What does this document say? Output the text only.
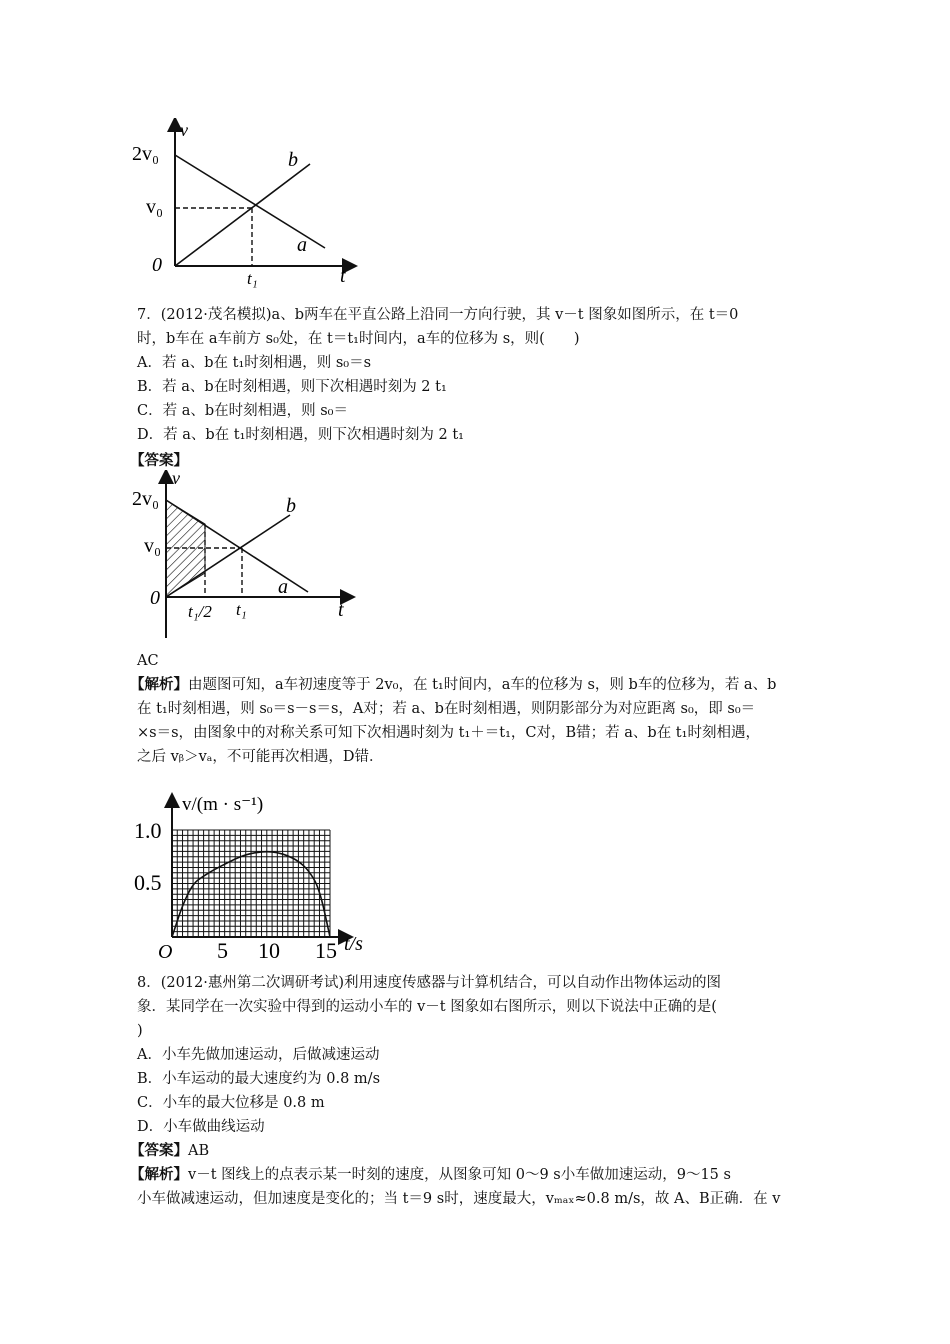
v
t
2v₀
v₀
0
t₁
b
a
7．(2012·茂名模拟)a、b两车在平直公路上沿同一方向行驶，其 v－t 图象如图所示，在 t＝0
时，b车在 a车前方 s₀处，在 t＝t₁时间内，a车的位移为 s，则(　　)
A．若 a、b在 t₁时刻相遇，则 s₀＝s
B．若 a、b在时刻相遇，则下次相遇时刻为 2 t₁
C．若 a、b在时刻相遇，则 s₀＝
D．若 a、b在 t₁时刻相遇，则下次相遇时刻为 2 t₁
【答案】
v
t
2v₀
v₀
0
t₁/2 t₁
b
a
AC
【解析】由题图可知，a车初速度等于 2v₀，在 t₁时间内，a车的位移为 s，则 b车的位移为，若 a、b
在 t₁时刻相遇，则 s₀＝s－s＝s，A对；若 a、b在时刻相遇，则阴影部分为对应距离 s₀，即 s₀＝
×s＝s，由图象中的对称关系可知下次相遇时刻为 t₁＋＝t₁，C对，B错；若 a、b在 t₁时刻相遇，
之后 vᵦ＞vₐ，不可能再次相遇，D错．
v/(m · s⁻¹)
t/s
O
1.0
0.5
5 10 15
8．(2012·惠州第二次调研考试)利用速度传感器与计算机结合，可以自动作出物体运动的图
象．某同学在一次实验中得到的运动小车的 v－t 图象如右图所示，则以下说法中正确的是(
)
A．小车先做加速运动，后做减速运动
B．小车运动的最大速度约为 0.8 m/s
C．小车的最大位移是 0.8 m
D．小车做曲线运动
【答案】AB
【解析】v－t 图线上的点表示某一时刻的速度，从图象可知 0～9 s小车做加速运动，9～15 s
小车做减速运动，但加速度是变化的；当 t＝9 s时，速度最大，vₘₐₓ≈0.8 m/s，故 A、B正确．在 v
